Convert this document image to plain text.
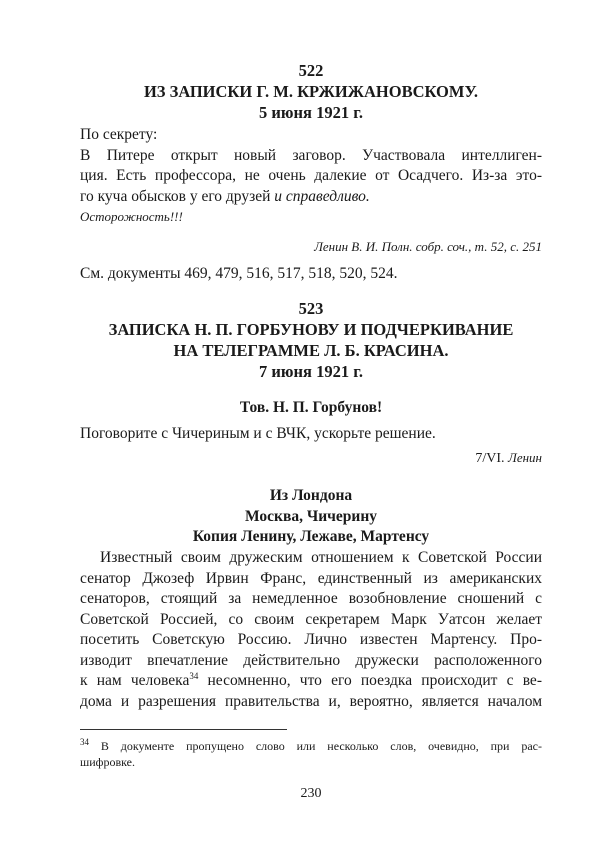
522
ИЗ ЗАПИСКИ Г. М. КРЖИЖАНОВСКОМУ.
5 июня 1921 г.
По секрету:
В Питере открыт новый заговор. Участвовала интеллиген-
ция. Есть профессора, не очень далекие от Осадчего. Из-за это-
го куча обысков у его друзей и справедливо.
Осторожность!!!
Ленин В. И. Полн. собр. соч., т. 52, с. 251
См. документы 469, 479, 516, 517, 518, 520, 524.
523
ЗАПИСКА Н. П. ГОРБУНОВУ И ПОДЧЕРКИВАНИЕ
НА ТЕЛЕГРАММЕ Л. Б. КРАСИНА.
7 июня 1921 г.
Тов. Н. П. Горбунов!
Поговорите с Чичериным и с ВЧК, ускорьте решение.
7/VI. Ленин
Из Лондона
Москва, Чичерину
Копия Ленину, Лежаве, Мартенсу
Известный своим дружеским отношением к Советской России
сенатор Джозеф Ирвин Франс, единственный из американских
сенаторов, стоящий за немедленное возобновление сношений с
Советской Россией, со своим секретарем Марк Уатсон желает
посетить Советскую Россию. Лично известен Мартенсу. Про-
изводит впечатление действительно дружески расположенного
к нам человека$^{34}$ несомненно, что его поездка происходит с ве-
дома и разрешения правительства и, вероятно, является началом
$^{34}$ В документе пропущено слово или несколько слов, очевидно, при рас-
шифровке.
230
